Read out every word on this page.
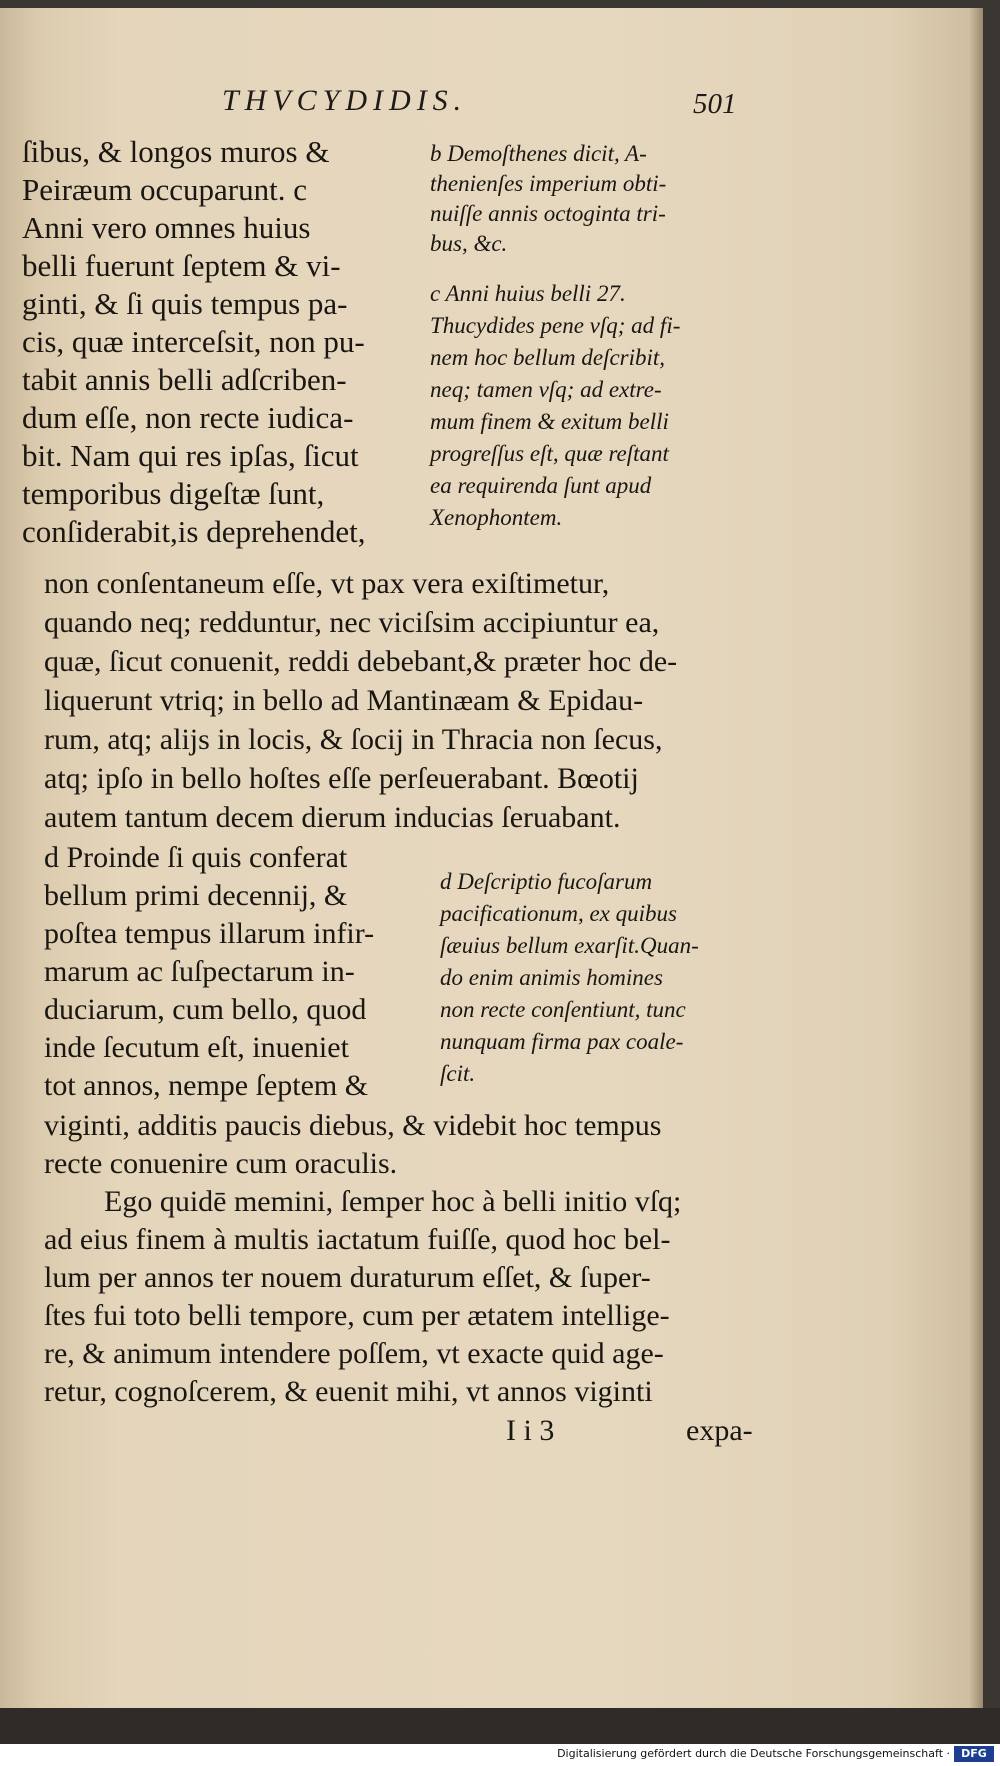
THVCYDIDIS.	501
ſibus, & longos muros &
Peiræum occuparunt. c
Anni vero omnes huius
belli fuerunt ſeptem & vi-
ginti, & ſi quis tempus pa-
cis, quæ interceſsit, non pu-
tabit annis belli adſcriben-
dum eſſe, non recte iudica-
bit. Nam qui res ipſas, ſicut
temporibus digeſtæ ſunt,
conſiderabit,is deprehendet,
b Demoſthenes dicit, A-
thenienſes imperium obti-
nuiſſe annis octoginta tri-
bus, &c.
c Anni huius belli 27.
Thucydides pene vſq; ad fi-
nem hoc bellum deſcribit,
neq; tamen vſq; ad extre-
mum finem & exitum belli
progreſſus eſt, quæ reſtant
ea requirenda ſunt apud
Xenophontem.
non conſentaneum eſſe, vt pax vera exiſtimetur,
quando neq; redduntur, nec viciſsim accipiuntur ea,
quæ, ſicut conuenit, reddi debebant,& præter hoc de-
liquerunt vtriq; in bello ad Mantinæam & Epidau-
rum, atq; alijs in locis, & ſocij in Thracia non ſecus,
atq; ipſo in bello hoſtes eſſe perſeuerabant. Bœotij
autem tantum decem dierum inducias ſeruabant.
d Proinde ſi quis conferat
bellum primi decennij, &
poſtea tempus illarum infir-
marum ac ſuſpectarum in-
duciarum, cum bello, quod
inde ſecutum eſt, inueniet
tot annos, nempe ſeptem &
d Deſcriptio fucoſarum
pacificationum, ex quibus
ſæuius bellum exarſit.Quan-
do enim animis homines
non recte conſentiunt, tunc
nunquam firma pax coale-
ſcit.
viginti, additis paucis diebus, & videbit hoc tempus
recte conuenire cum oraculis.
Ego quidē memini, ſemper hoc à belli initio vſq;
ad eius finem à multis iactatum fuiſſe, quod hoc bel-
lum per annos ter nouem duraturum eſſet, & ſuper-
ſtes fui toto belli tempore, cum per ætatem intellige-
re, & animum intendere poſſem, vt exacte quid age-
retur, cognoſcerem, & euenit mihi, vt annos viginti
I i 3	expa-
Digitalisierung gefördert durch die Deutsche Forschungsgemeinschaft ·	DFG
